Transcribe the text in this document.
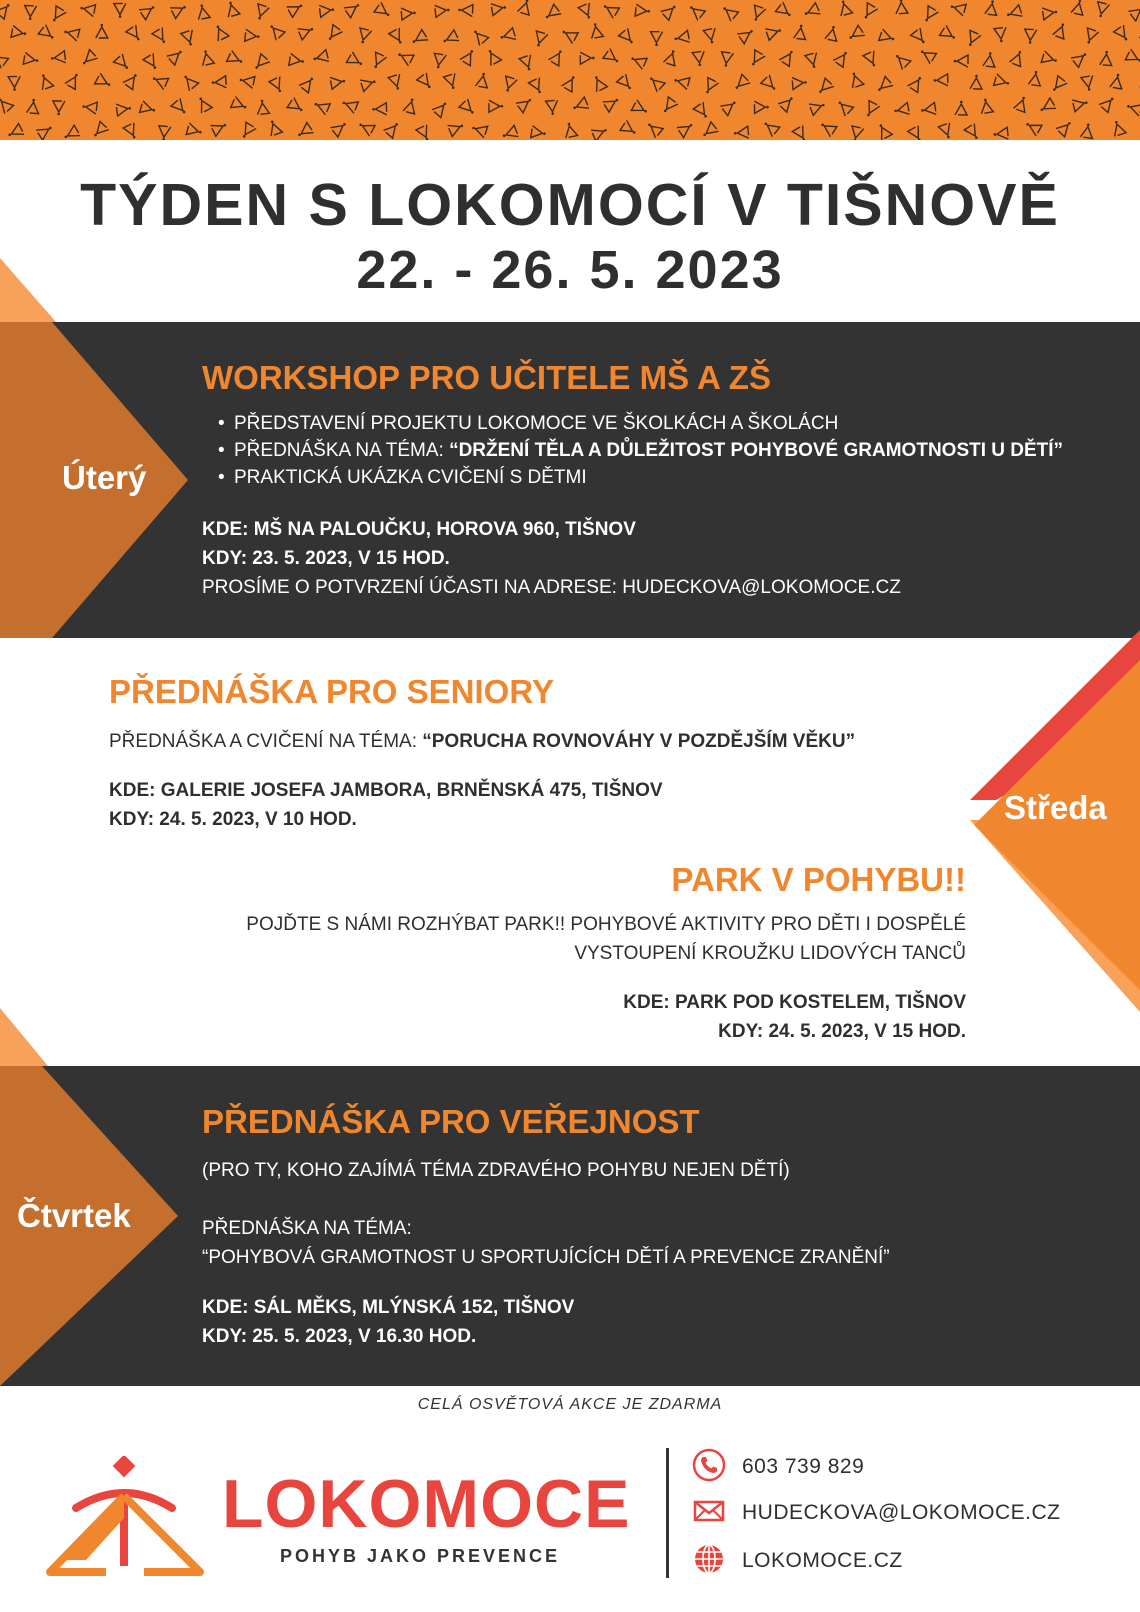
TÝDEN S LOKOMOCÍ V TIŠNOVĚ
22. - 26. 5. 2023
Úterý
WORKSHOP PRO UČITELE MŠ A ZŠ
• PŘEDSTAVENÍ PROJEKTU LOKOMOCE VE ŠKOLKÁCH A ŠKOLÁCH
• PŘEDNÁŠKA NA TÉMA: “DRŽENÍ TĚLA A DŮLEŽITOST POHYBOVÉ GRAMOTNOSTI U DĚTÍ”
• PRAKTICKÁ UKÁZKA CVIČENÍ S DĚTMI
KDE: MŠ NA PALOUČKU, HOROVA 960, TIŠNOV
KDY: 23. 5. 2023, V 15 HOD.
PROSÍME O POTVRZENÍ ÚČASTI NA ADRESE: HUDECKOVA@LOKOMOCE.CZ
Středa
PŘEDNÁŠKA PRO SENIORY
PŘEDNÁŠKA A CVIČENÍ NA TÉMA: “PORUCHA ROVNOVÁHY V POZDĚJŠÍM VĚKU”
KDE: GALERIE JOSEFA JAMBORA, BRNĚNSKÁ 475, TIŠNOV
KDY: 24. 5. 2023, V 10 HOD.
PARK V POHYBU!!
POJĎTE S NÁMI ROZHÝBAT PARK!! POHYBOVÉ AKTIVITY PRO DĚTI I DOSPĚLÉ
VYSTOUPENÍ KROUŽKU LIDOVÝCH TANCŮ
KDE: PARK POD KOSTELEM, TIŠNOV
KDY: 24. 5. 2023, V 15 HOD.
Čtvrtek
PŘEDNÁŠKA PRO VEŘEJNOST
(PRO TY, KOHO ZAJÍMÁ TÉMA ZDRAVÉHO POHYBU NEJEN DĚTÍ)
PŘEDNÁŠKA NA TÉMA:
“POHYBOVÁ GRAMOTNOST U SPORTUJÍCÍCH DĚTÍ A PREVENCE ZRANĚNÍ”
KDE: SÁL MĚKS, MLÝNSKÁ 152, TIŠNOV
KDY: 25. 5. 2023, V 16.30 HOD.
CELÁ OSVĚTOVÁ AKCE JE ZDARMA
LOKOMOCE
POHYB JAKO PREVENCE
603 739 829
HUDECKOVA@LOKOMOCE.CZ
LOKOMOCE.CZ
